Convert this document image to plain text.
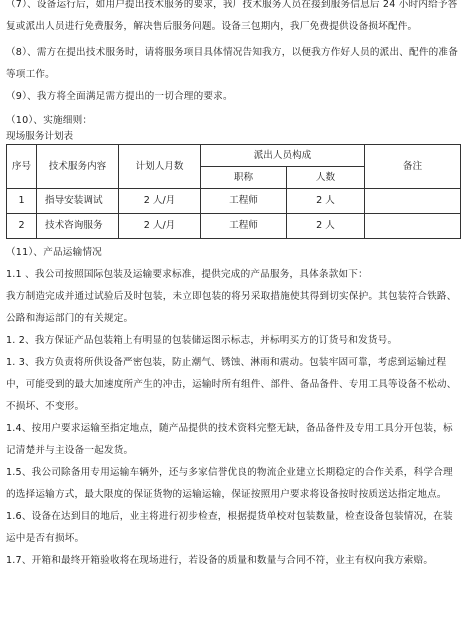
（7）、设备运行后，如用户提出技术服务的要求，我厂技术服务人员在接到服务信息后 24 小时内给予答复或派出人员进行免费服务，解决售后服务问题。设备三包期内，我厂免费提供设备损坏配件。

（8）、需方在提出技术服务时，请将服务项目具体情况告知我方，以便我方作好人员的派出、配件的准备等项工作。

（9）、我方将全面满足需方提出的一切合理的要求。

（10）、实施细则：

现场服务计划表

序号	技术服务内容	计划人月数	派出人员构成		备注
			职称	人数	
1	指导安装调试	2 人/月	工程师	2 人	
2	技术咨询服务	2 人/月	工程师	2 人	

（11）、产品运输情况

1.1 、我公司按照国际包装及运输要求标准，提供完成的产品服务，具体条款如下：

我方制造完成并通过试验后及时包装，未立即包装的将另采取措施使其得到切实保护。其包装符合铁路、公路和海运部门的有关规定。

1. 2、我方保证产品包装箱上有明显的包装储运图示标志，并标明买方的订货号和发货号。

1. 3、我方负责将所供设备严密包装，防止潮气、锈蚀、淋雨和震动。包装牢固可靠，考虑到运输过程中，可能受到的最大加速度所产生的冲击，运输时所有组件、部件、备品备件、专用工具等设备不松动、不损坏、不变形。

1.4、按用户要求运输至指定地点，随产品提供的技术资料完整无缺，备品备件及专用工具分开包装，标记清楚并与主设备一起发货。

1.5、我公司除备用专用运输车辆外，还与多家信誉优良的物流企业建立长期稳定的合作关系，科学合理的选择运输方式，最大限度的保证货物的运输运输，保证按照用户要求将设备按时按质送达指定地点。

1.6、设备在达到目的地后，业主将进行初步检查，根据提货单校对包装数量，检查设备包装情况，在装运中是否有损坏。

1.7、开箱和最终开箱验收将在现场进行，若设备的质量和数量与合同不符，业主有权向我方索赔。
